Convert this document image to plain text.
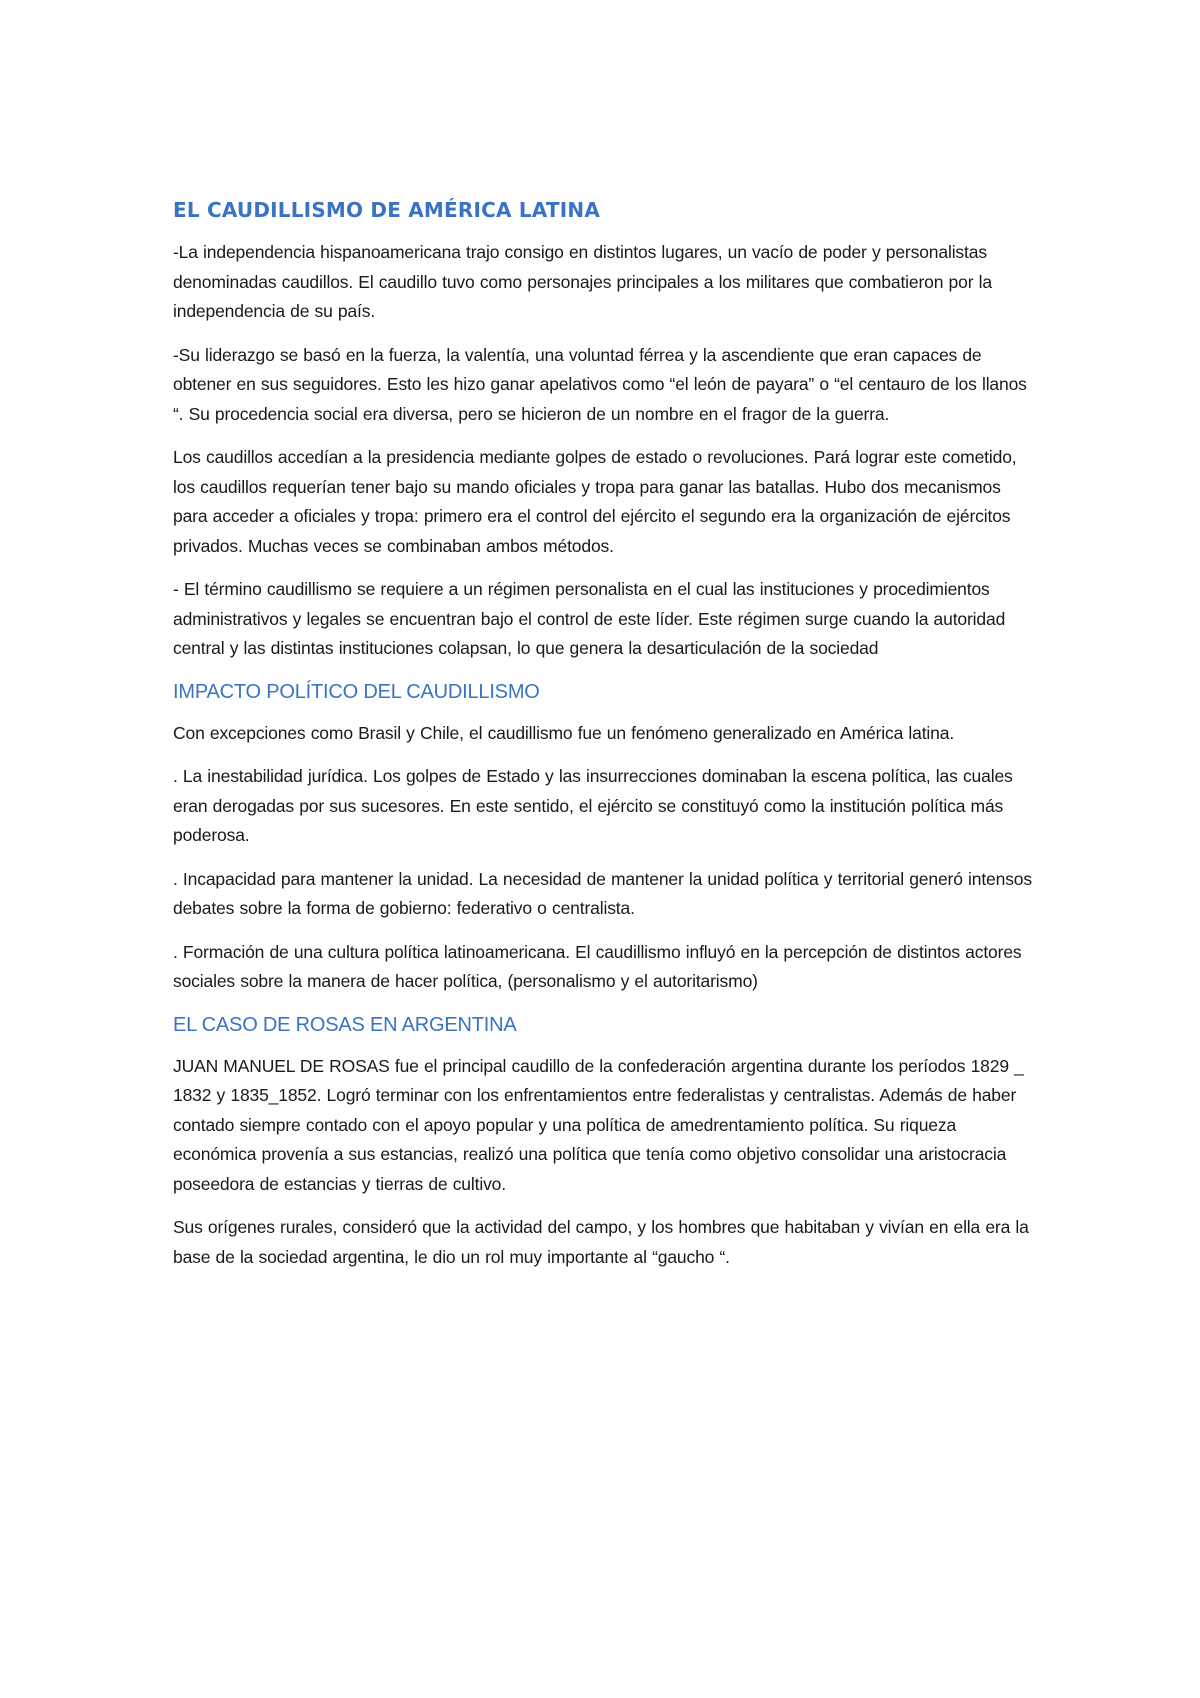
EL CAUDILLISMO DE AMÉRICA LATINA

-La independencia hispanoamericana trajo consigo en distintos lugares, un vacío de poder y personalistas denominadas caudillos. El caudillo tuvo como personajes principales a los militares que combatieron por la independencia de su país.

-Su liderazgo se basó en la fuerza, la valentía, una voluntad férrea y la ascendiente que eran capaces de obtener en sus seguidores. Esto les hizo ganar apelativos como “el león de payara” o “el centauro de los llanos “. Su procedencia social era diversa, pero se hicieron de un nombre en el fragor de la guerra.

Los caudillos accedían a la presidencia mediante golpes de estado o revoluciones. Pará lograr este cometido, los caudillos requerían tener bajo su mando oficiales y tropa para ganar las batallas. Hubo dos mecanismos para acceder a oficiales y tropa: primero era el control del ejército el segundo era la organización de ejércitos privados. Muchas veces se combinaban ambos métodos.

- El término caudillismo se requiere a un régimen personalista en el cual las instituciones y procedimientos administrativos y legales se encuentran bajo el control de este líder. Este régimen surge cuando la autoridad central y las distintas instituciones colapsan, lo que genera la desarticulación de la sociedad

IMPACTO POLÍTICO DEL CAUDILLISMO

Con excepciones como Brasil y Chile, el caudillismo fue un fenómeno generalizado en América latina.

. La inestabilidad jurídica. Los golpes de Estado y las insurrecciones dominaban la escena política, las cuales eran derogadas por sus sucesores. En este sentido, el ejército se constituyó como la institución política más poderosa.

. Incapacidad para mantener la unidad. La necesidad de mantener la unidad política y territorial generó intensos debates sobre la forma de gobierno: federativo o centralista.

. Formación de una cultura política latinoamericana. El caudillismo influyó en la percepción de distintos actores sociales sobre la manera de hacer política, (personalismo y el autoritarismo)

EL CASO DE ROSAS EN ARGENTINA

JUAN MANUEL DE ROSAS fue el principal caudillo de la confederación argentina durante los períodos 1829 _ 1832 y 1835_1852. Logró terminar con los enfrentamientos entre federalistas y centralistas. Además de haber contado siempre contado con el apoyo popular y una política de amedrentamiento política. Su riqueza económica provenía a sus estancias, realizó una política que tenía como objetivo consolidar una aristocracia poseedora de estancias y tierras de cultivo.

Sus orígenes rurales, consideró que la actividad del campo, y los hombres que habitaban y vivían en ella era la base de la sociedad argentina, le dio un rol muy importante al “gaucho “.
